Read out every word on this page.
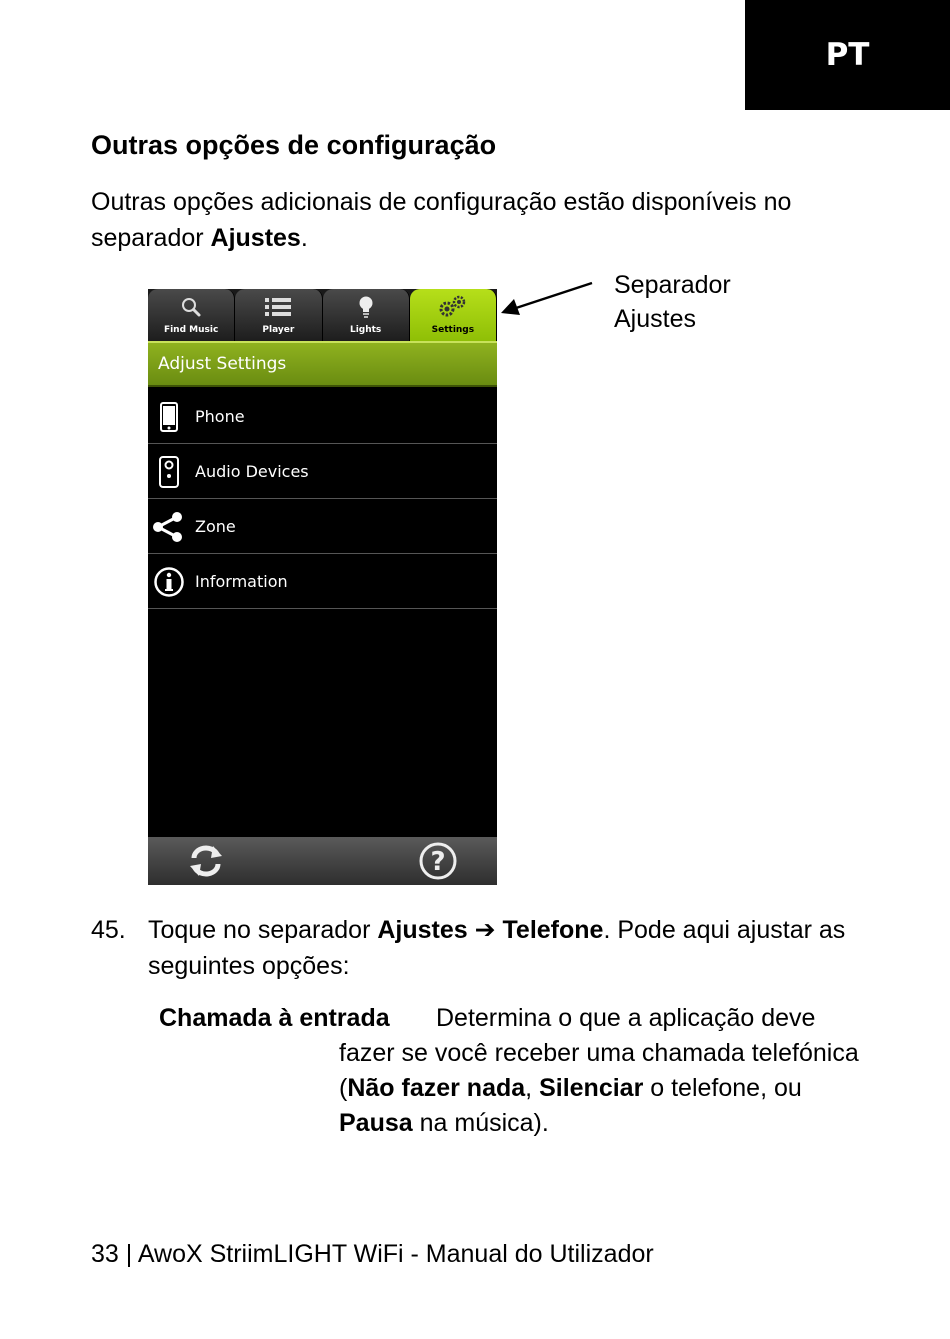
PT
Outras opções de configuração

Outras opções adicionais de configuração estão disponíveis no separador Ajustes.

Find Music	Player	Lights	Settings
Adjust Settings
Phone
Audio Devices
Zone
Information
?
Separador
Ajustes
45. Toque no separador Ajustes ➔ Telefone. Pode aqui ajustar as seguintes opções:
Chamada à entrada Determina o que a aplicação deve
fazer se você receber uma chamada telefónica (Não fazer nada, Silenciar o telefone, ou Pausa na música).
33 | AwoX StriimLIGHT WiFi - Manual do Utilizador
